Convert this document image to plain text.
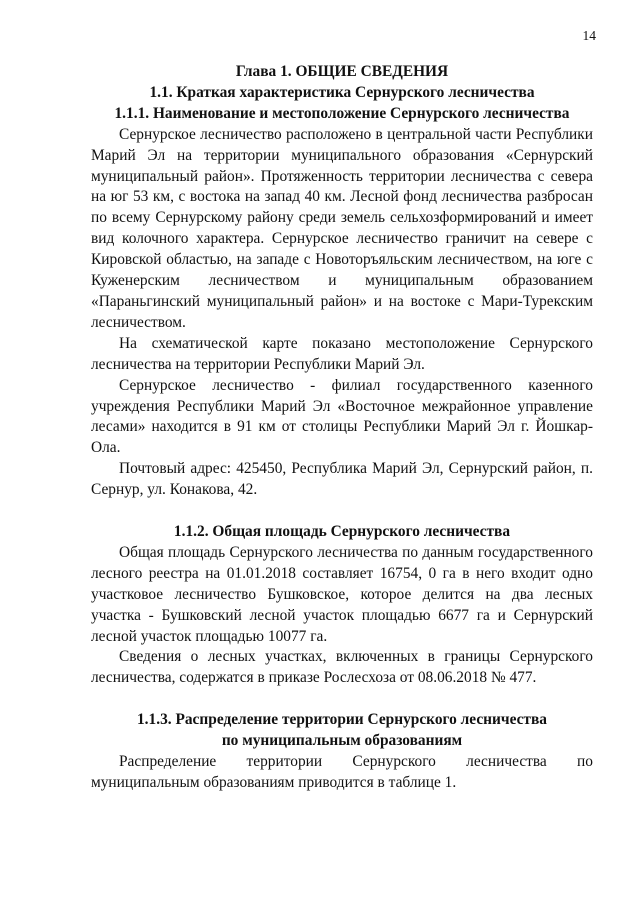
14

Глава 1. ОБЩИЕ СВЕДЕНИЯ

1.1. Краткая характеристика Сернурского лесничества

1.1.1. Наименование и местоположение Сернурского лесничества

Сернурское лесничество расположено в центральной части Республики Марий Эл на территории муниципального образования «Сернурский муниципальный район». Протяженность территории лесничества с севера на юг 53 км, с востока на запад 40 км. Лесной фонд лесничества разбросан по всему Сернурскому району среди земель сельхозформирований и имеет вид колочного характера. Сернурское лесничество граничит на севере с Кировской областью, на западе с Новоторъяльским лесничеством, на юге с Куженерским лесничеством и муниципальным образованием «Параньгинский муниципальный район» и на востоке с Мари-Турекским лесничеством.

На схематической карте показано местоположение Сернурского лесничества на территории Республики Марий Эл.

Сернурское лесничество - филиал государственного казенного учреждения Республики Марий Эл «Восточное межрайонное управление лесами» находится в 91 км от столицы Республики Марий Эл г. Йошкар-Ола.

Почтовый адрес: 425450, Республика Марий Эл, Сернурский район, п. Сернур, ул. Конакова, 42.

1.1.2. Общая площадь Сернурского лесничества

Общая площадь Сернурского лесничества по данным государственного лесного реестра на 01.01.2018 составляет 16754, 0 га в него входит одно участковое лесничество Бушковское, которое делится на два лесных участка - Бушковский лесной участок площадью 6677 га и Сернурский лесной участок площадью 10077 га.

Сведения о лесных участках, включенных в границы Сернурского лесничества, содержатся в приказе Рослесхоза от 08.06.2018 № 477.

1.1.3. Распределение территории Сернурского лесничества

по муниципальным образованиям

Распределение территории Сернурского лесничества по муниципальным образованиям приводится в таблице 1.
